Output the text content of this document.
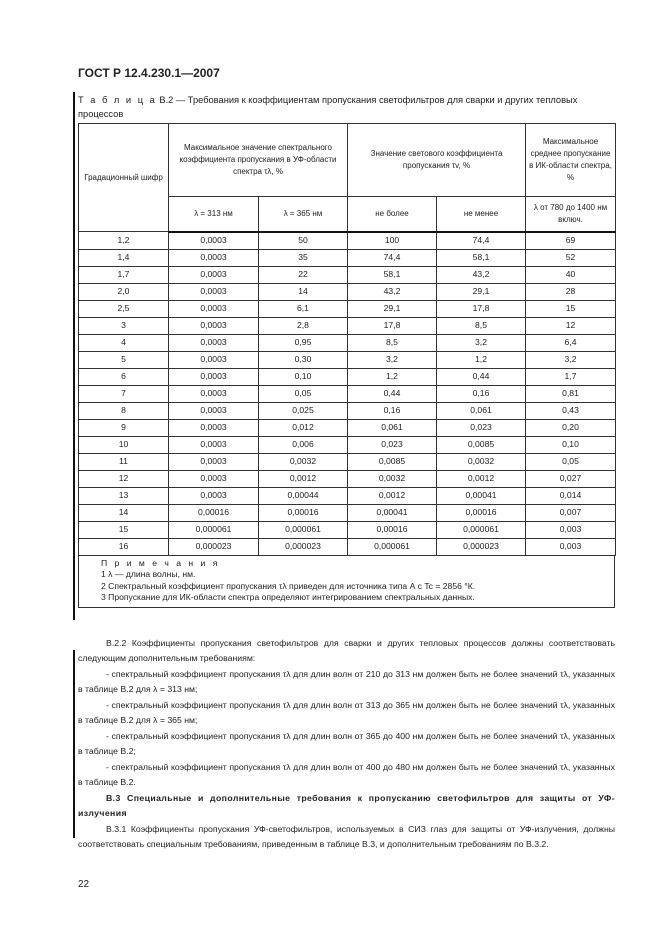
ГОСТ Р 12.4.230.1—2007
Т а б л и ц а В.2 — Требования к коэффициентам пропускания светофильтров для сварки и других тепловых процессов
Градационный шифр	Максимальное значение спектрального коэффициента пропускания в УФ-области спектра τλ, %		Значение светового коэффициента пропускания τv, %		Максимальное среднее пропускание в ИК-области спектра, %
	λ = 313 нм	λ = 365 нм	не более	не менее	λ от 780 до 1400 нм включ.
1,2	0,0003	50	100	74,4	69
1,4	0,0003	35	74,4	58,1	52
1,7	0,0003	22	58,1	43,2	40
2,0	0,0003	14	43,2	29,1	28
2,5	0,0003	6,1	29,1	17,8	15
3	0,0003	2,8	17,8	8,5	12
4	0,0003	0,95	8,5	3,2	6,4
5	0,0003	0,30	3,2	1,2	3,2
6	0,0003	0,10	1,2	0,44	1,7
7	0,0003	0,05	0,44	0,16	0,81
8	0,0003	0,025	0,16	0,061	0,43
9	0,0003	0,012	0,061	0,023	0,20
10	0,0003	0,006	0,023	0,0085	0,10
11	0,0003	0,0032	0,0085	0,0032	0,05
12	0,0003	0,0012	0,0032	0,0012	0,027
13	0,0003	0,00044	0,0012	0,00041	0,014
14	0,00016	0,00016	0,00041	0,00016	0,007
15	0,000061	0,000061	0,00016	0,000061	0,003
16	0,000023	0,000023	0,000061	0,000023	0,003
П р и м е ч а н и я
1 λ — длина волны, нм.
2 Спектральный коэффициент пропускания τλ приведен для источника типа А с Tc = 2856 °К.
3 Пропускание для ИК-области спектра определяют интегрированием спектральных данных.

В.2.2 Коэффициенты пропускания светофильтров для сварки и других тепловых процессов должны соответствовать следующим дополнительным требованиям:

- спектральный коэффициент пропускания τλ для длин волн от 210 до 313 нм должен быть не более значений τλ, указанных в таблице В.2 для λ = 313 нм;

- спектральный коэффициент пропускания τλ для длин волн от 313 до 365 нм должен быть не более значений τλ, указанных в таблице В.2 для λ = 365 нм;

- спектральный коэффициент пропускания τλ для длин волн от 365 до 400 нм должен быть не более значений τλ, указанных в таблице В.2;

- спектральный коэффициент пропускания τλ для длин волн от 400 до 480 нм должен быть не более значений τλ, указанных в таблице В.2.

В.3 Специальные и дополнительные требования к пропусканию светофильтров для защиты от УФ-излучения

В.3.1 Коэффициенты пропускания УФ-светофильтров, используемых в СИЗ глаз для защиты от УФ-излучения, должны соответствовать специальным требованиям, приведенным в таблице В.3, и дополнительным требованиям по В.3.2.

22
